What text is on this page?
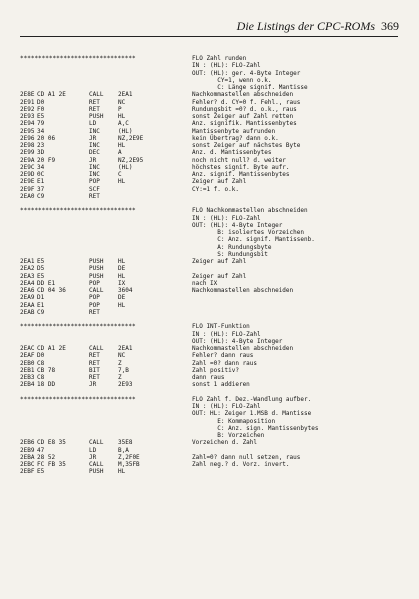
Die Listings der CPC-ROMs 369
********************************	FLO Zahl runden
IN : (HL): FLO-Zahl
OUT: (HL): ger. 4-Byte Integer
CY=1, wenn o.k.
C: Länge signif. Mantisse
2E8E CD A1 2E	CALL 2EA1	Nachkommastellen abschneiden
2E91 D0	RET	NC	Fehler? d. CY=0 f. Fehl., raus
2E92 F0	RET	P	Rundungsbit =0? d. o.k., raus
2E93 E5	PUSH HL	sonst Zeiger auf Zahl retten
2E94 79	LD	A,C	Anz. signifik. Mantissenbytes
2E95 34	INC	(HL)	Mantissenbyte aufrunden
2E96 20 06	JR	NZ,2E9E	kein Übertrag? dann o.k.
2E98 23	INC	HL	sonst Zeiger auf nächstes Byte
2E99 3D	DEC	A	Anz. d. Mantissenbytes
2E9A 20 F9	JR	NZ,2E95	noch nicht null? d. weiter
2E9C 34	INC	(HL)	höchstes signif. Byte aufr.
2E9D 0C	INC	C	Anz. signif. Mantissenbytes
2E9E E1	POP	HL	Zeiger auf Zahl
2E9F 37	SCF	CY:=1 f. o.k.
2EA0 C9	RET
********************************	FLO Nachkommastellen abschneiden
IN : (HL): FLO-Zahl
OUT: (HL): 4-Byte Integer
B: isoliertes Vorzeichen
C: Anz. signif. Mantissenb.
A: Rundungsbyte
S: Rundungsbit
2EA1 E5	PUSH HL	Zeiger auf Zahl
2EA2 D5	PUSH DE
2EA3 E5	PUSH HL	Zeiger auf Zahl
2EA4 DD E1	POP	IX	nach IX
2EA6 CD 04 36	CALL 3604	Nachkommastellen abschneiden
2EA9 D1	POP	DE
2EAA E1	POP	HL
2EAB C9	RET
********************************	FLO INT-Funktion
IN : (HL): FLO-Zahl
OUT: (HL): 4-Byte Integer
2EAC CD A1 2E	CALL 2EA1	Nachkommastellen abschneiden
2EAF D0	RET	NC	Fehler? dann raus
2EB0 C8	RET	Z	Zahl =0? dann raus
2EB1 CB 78	BIT	7,B	Zahl positiv?
2EB3 C8	RET	Z	dann raus
2EB4 18 DD	JR	2E93	sonst 1 addieren
********************************	FLO Zahl f. Dez.-Wandlung aufber.
IN : (HL): FLO-Zahl
OUT: HL: Zeiger 1.MSB d. Mantisse
E: Kommaposition
C: Anz. sign. Mantissenbytes
B: Vorzeichen
2EB6 CD E8 35	CALL 35E8	Vorzeichen d. Zahl
2EB9 47	LD	B,A
2EBA 28 52	JR	Z,2F0E	Zahl=0? dann null setzen, raus
2EBC FC FB 35	CALL M,35FB	Zahl neg.? d. Vorz. invert.
2EBF E5	PUSH HL
